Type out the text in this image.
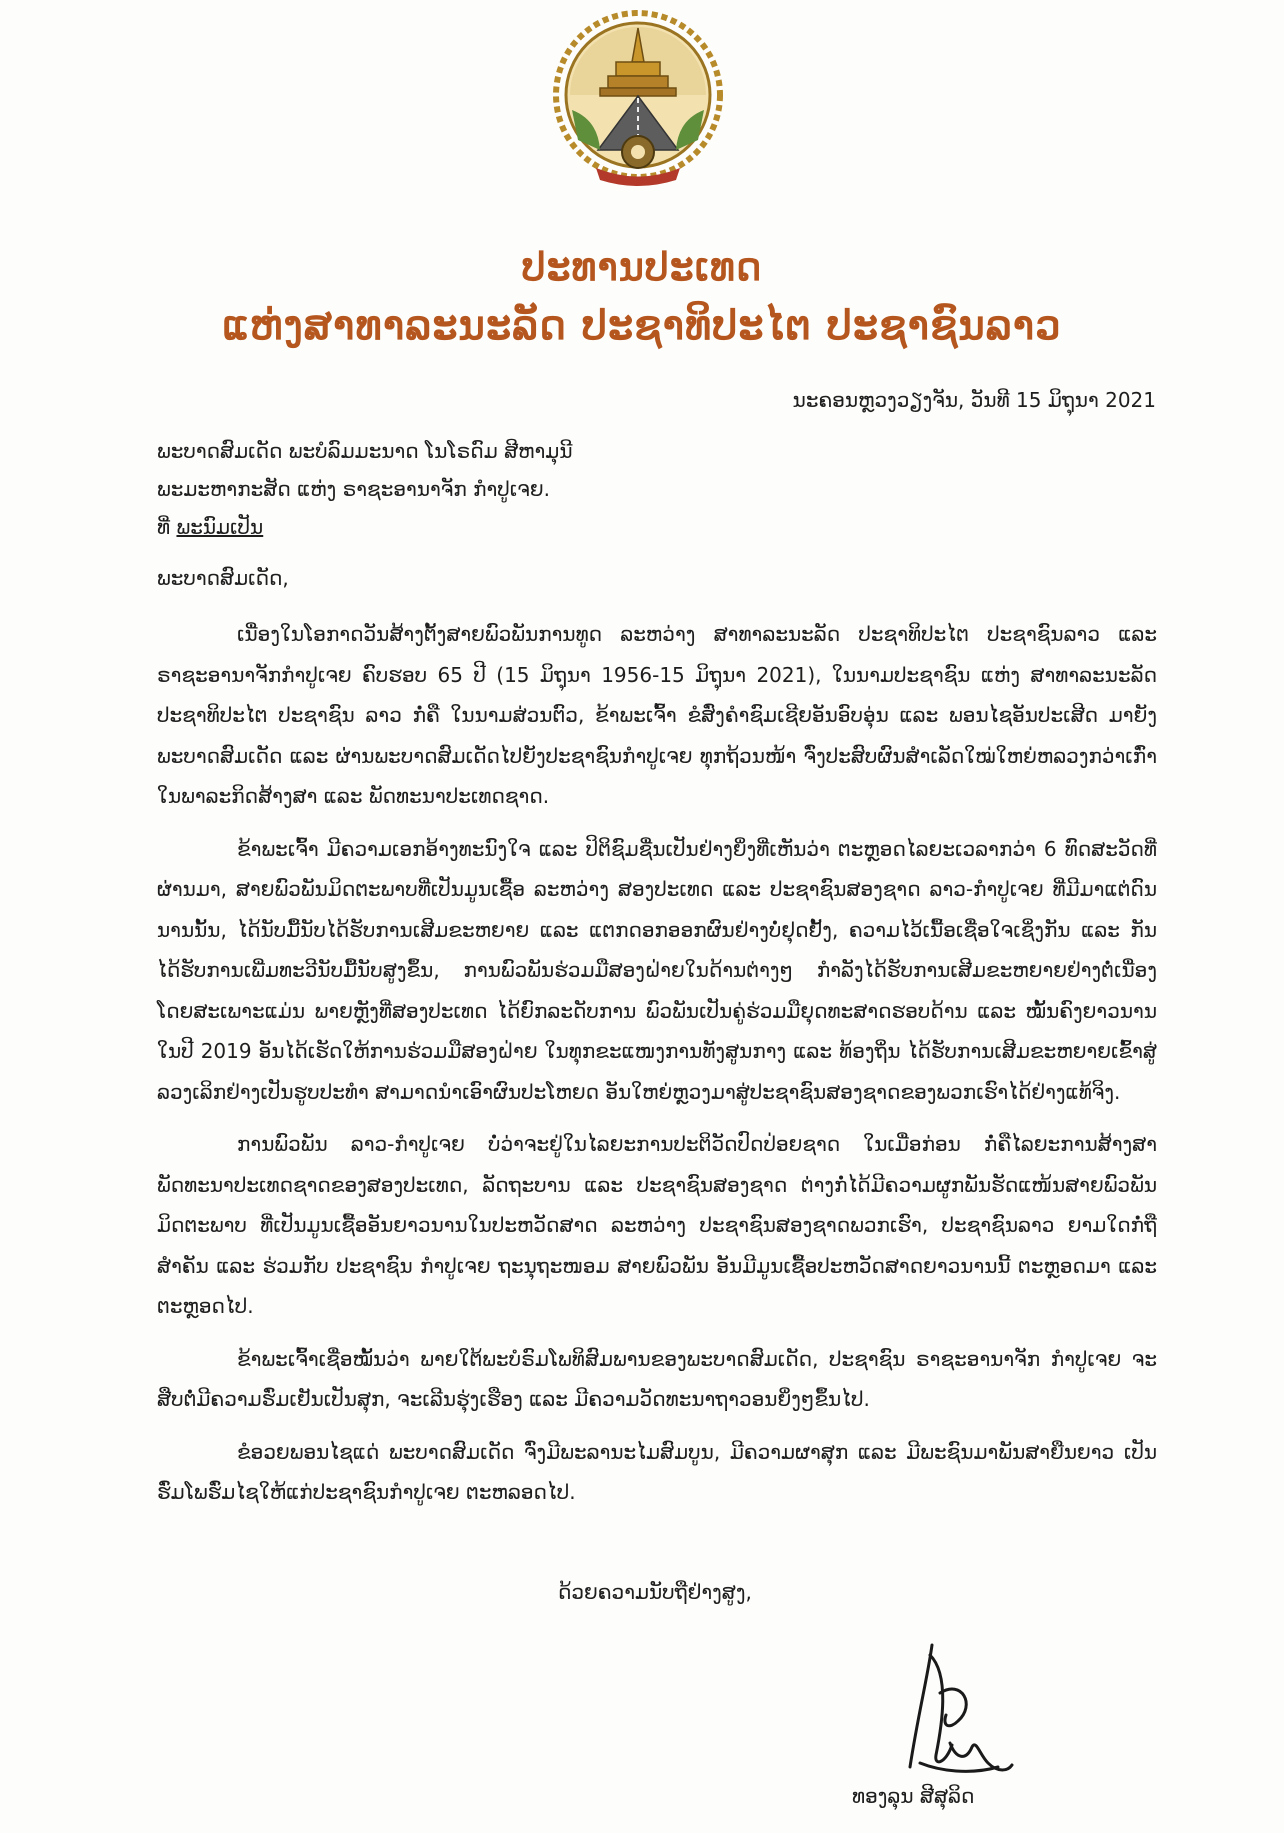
ປະທານປະເທດ
ແຫ່ງສາທາລະນະລັດ ປະຊາທິປະໄຕ ປະຊາຊົນລາວ
ນະຄອນຫຼວງວຽງຈັນ, ວັນທີ 15 ມິຖຸນາ 2021
ພະບາດສົມເດັດ ພະບໍລົມມະນາດ ໂນໂຣດົມ ສີຫາມຸນີ
ພະມະຫາກະສັດ ແຫ່ງ ຣາຊະອານາຈັກ ກຳປູເຈຍ.
ທີ່ ພະນົມເປັນ
ພະບາດສົມເດັດ,

ເນື່ອງໃນໂອກາດວັນສ້າງຕັ້ງສາຍພົວພັນການທູດ ລະຫວ່າງ ສາທາລະນະລັດ ປະຊາທິປະໄຕ ປະຊາຊົນລາວ ແລະ ຣາຊະອານາຈັກກຳປູເຈຍ ຄົບຮອບ 65 ປີ (15 ມິຖຸນາ 1956-15 ມິຖຸນາ 2021), ໃນນາມປະຊາຊົນ ແຫ່ງ ສາທາລະນະລັດ ປະຊາທິປະໄຕ ປະຊາຊົນ ລາວ ກໍ່ຄື ໃນນາມສ່ວນຕົວ, ຂ້າພະເຈົ້າ ຂໍສົ່ງຄຳຊົມເຊີຍອັນອົບອຸ່ນ ແລະ ພອນໄຊອັນປະເສີດ ມາຍັງ ພະບາດສົມເດັດ ແລະ ຜ່ານພະບາດສົມເດັດໄປຍັງປະຊາຊົນກຳປູເຈຍ ທຸກຖ້ວນໜ້າ ຈົ່ງປະສົບຜົນສຳເລັດໃໝ່ໃຫຍ່ຫລວງກວ່າເກົ່າ ໃນພາລະກິດສ້າງສາ ແລະ ພັດທະນາປະເທດຊາດ.

ຂ້າພະເຈົ້າ ມີຄວາມເອກອ້າງທະນົງໃຈ ແລະ ປິຕິຊົມຊື່ນເປັນຢ່າງຍິ່ງທີ່ເຫັນວ່າ ຕະຫຼອດໄລຍະເວລາກວ່າ 6 ທົດສະວັດທີ່ຜ່ານມາ, ສາຍພົວພັນມິດຕະພາບທີ່ເປັນມູນເຊື້ອ ລະຫວ່າງ ສອງປະເທດ ແລະ ປະຊາຊົນສອງຊາດ ລາວ-ກຳປູເຈຍ ທີ່ມີມາແຕ່ດົນນານນັ້ນ, ໄດ້ນັບມື້ນັບໄດ້ຮັບການເສີມຂະຫຍາຍ ແລະ ແຕກດອກອອກຜົນຢ່າງບໍ່ຢຸດຢັ້ງ, ຄວາມໄວ້ເນື້ອເຊື່ອໃຈເຊິ່ງກັນ ແລະ ກັນ ໄດ້ຮັບການເພີ່ມທະວີນັບມື້ນັບສູງຂຶ້ນ, ການພົວພັນຮ່ວມມືສອງຝ່າຍໃນດ້ານຕ່າງໆ ກຳລັງໄດ້ຮັບການເສີມຂະຫຍາຍຢ່າງຕໍ່ເນື່ອງ ໂດຍສະເພາະແມ່ນ ພາຍຫຼັງທີ່ສອງປະເທດ ໄດ້ຍົກລະດັບການ ພົວພັນເປັນຄູ່ຮ່ວມມືຍຸດທະສາດຮອບດ້ານ ແລະ ໝັ້ນຄົງຍາວນານ ໃນປີ 2019 ອັນໄດ້ເຮັດໃຫ້ການຮ່ວມມືສອງຝ່າຍ ໃນທຸກຂະແໜງການທັງສູນກາງ ແລະ ທ້ອງຖິ່ນ ໄດ້ຮັບການເສີມຂະຫຍາຍເຂົ້າສູ່ລວງເລິກຢ່າງເປັນຮູບປະທຳ ສາມາດນຳເອົາຜົນປະໂຫຍດ ອັນໃຫຍ່ຫຼວງມາສູ່ປະຊາຊົນສອງຊາດຂອງພວກເຮົາໄດ້ຢ່າງແທ້ຈິງ.

ການພົວພັນ ລາວ-ກຳປູເຈຍ ບໍ່ວ່າຈະຢູ່ໃນໄລຍະການປະຕິວັດປົດປ່ອຍຊາດ ໃນເມື່ອກ່ອນ ກໍ່ຄືໄລຍະການສ້າງສາພັດທະນາປະເທດຊາດຂອງສອງປະເທດ, ລັດຖະບານ ແລະ ປະຊາຊົນສອງຊາດ ຕ່າງກໍ່ໄດ້ມີຄວາມຜູກພັນຮັດແໜ້ນສາຍພົວພັນມິດຕະພາບ ທີ່ເປັນມູນເຊື້ອອັນຍາວນານໃນປະຫວັດສາດ ລະຫວ່າງ ປະຊາຊົນສອງຊາດພວກເຮົາ, ປະຊາຊົນລາວ ຍາມໃດກໍ່ຖືສຳຄັນ ແລະ ຮ່ວມກັບ ປະຊາຊົນ ກຳປູເຈຍ ຖະນຸຖະໜອມ ສາຍພົວພັນ ອັນມີມູນເຊື້ອປະຫວັດສາດຍາວນານນີ້ ຕະຫຼອດມາ ແລະ ຕະຫຼອດໄປ.

ຂ້າພະເຈົ້າເຊື່ອໝັ້ນວ່າ ພາຍໃຕ້ພະບໍຣົມໂພທິສົມພານຂອງພະບາດສົມເດັດ, ປະຊາຊົນ ຣາຊະອານາຈັກ ກຳປູເຈຍ ຈະສືບຕໍ່ມີຄວາມຮົ່ມເຢັນເປັນສຸກ, ຈະເລີນຮຸ່ງເຮືອງ ແລະ ມີຄວາມວັດທະນາຖາວອນຍິ່ງໆຂຶ້ນໄປ.

ຂໍອວຍພອນໄຊແດ່ ພະບາດສົມເດັດ ຈົ່ງມີພະລານະໄມສົມບູນ, ມີຄວາມຜາສຸກ ແລະ ມີພະຊົນມາພັນສາຍືນຍາວ ເປັນຮົ່ມໂພຮົ່ມໄຊໃຫ້ແກ່ປະຊາຊົນກຳປູເຈຍ ຕະຫລອດໄປ.

ດ້ວຍຄວາມນັບຖືຢ່າງສູງ,
ທອງລຸນ ສີສຸລິດ
